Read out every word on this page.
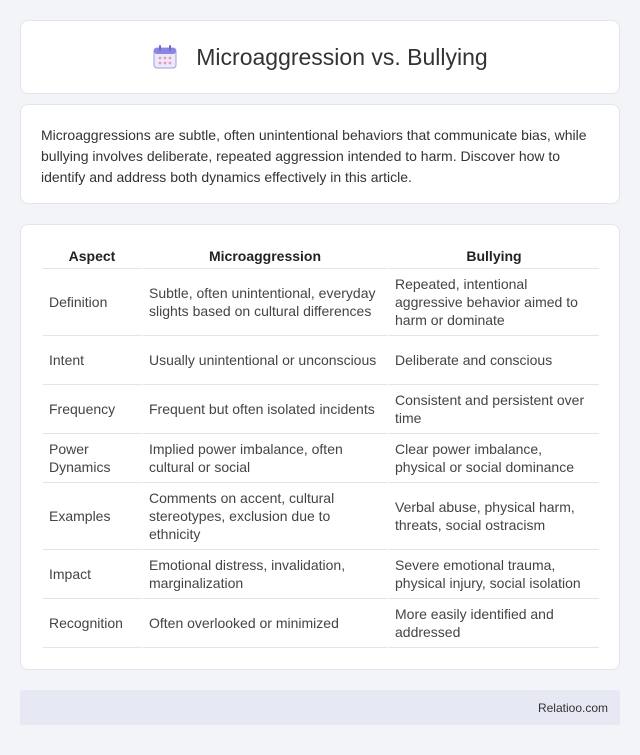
Microaggression vs. Bullying

Microaggressions are subtle, often unintentional behaviors that communicate bias, while bullying involves deliberate, repeated aggression intended to harm. Discover how to identify and address both dynamics effectively in this article.

Aspect	Microaggression	Bullying
Definition	Subtle, often unintentional, everyday slights based on cultural differences	Repeated, intentional aggressive behavior aimed to harm or dominate
Intent	Usually unintentional or unconscious	Deliberate and conscious
Frequency	Frequent but often isolated incidents	Consistent and persistent over time
Power Dynamics	Implied power imbalance, often cultural or social	Clear power imbalance, physical or social dominance
Examples	Comments on accent, cultural stereotypes, exclusion due to ethnicity	Verbal abuse, physical harm, threats, social ostracism
Impact	Emotional distress, invalidation, marginalization	Severe emotional trauma, physical injury, social isolation
Recognition	Often overlooked or minimized	More easily identified and addressed
Relatioo.com
